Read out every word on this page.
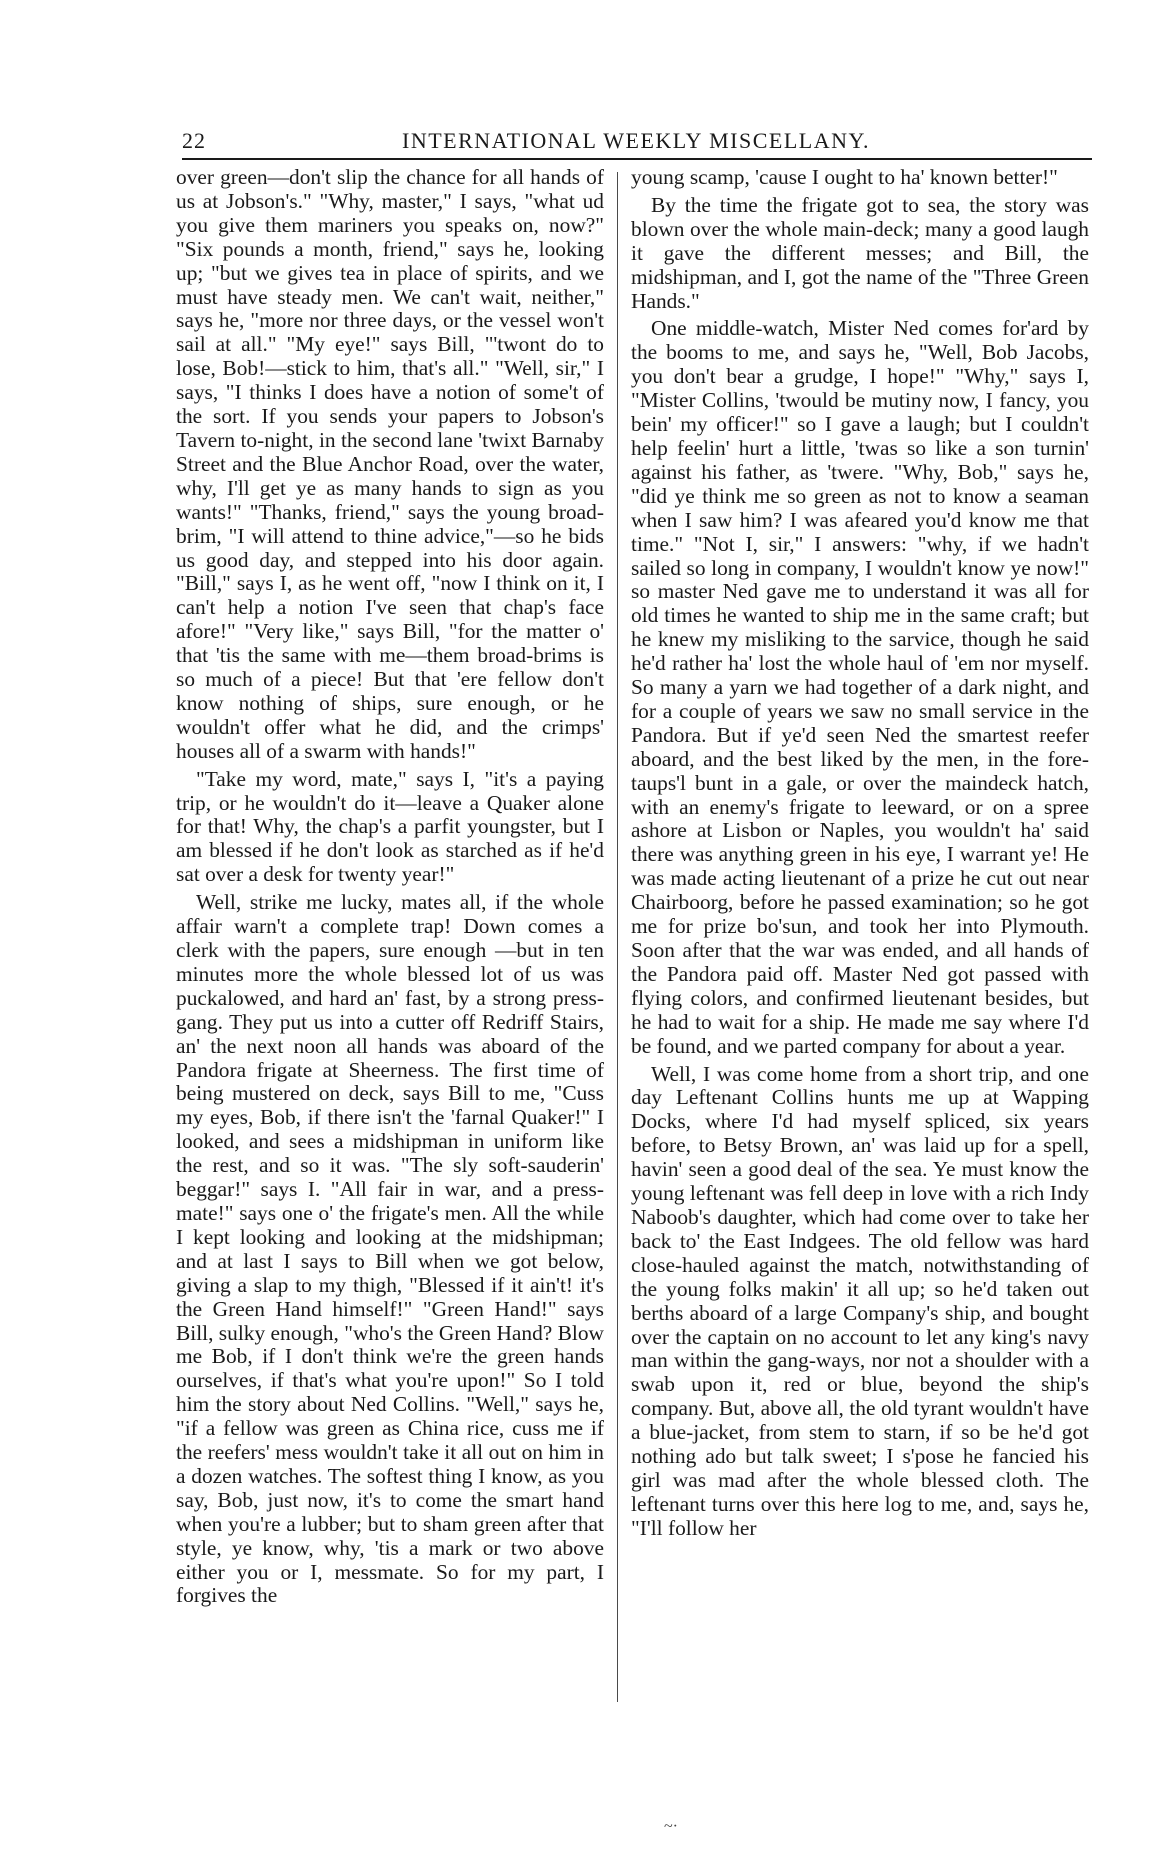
22	INTERNATIONAL WEEKLY MISCELLANY.

over green—don't slip the chance for all hands of us at Jobson's." "Why, master," I says, "what ud you give them mariners you speaks on, now?" "Six pounds a month, friend," says he, looking up; "but we gives tea in place of spirits, and we must have steady men. We can't wait, neither," says he, "more nor three days, or the vessel won't sail at all." "My eye!" says Bill, "'twont do to lose, Bob!—stick to him, that's all." "Well, sir," I says, "I thinks I does have a notion of some't of the sort. If you sends your papers to Jobson's Tavern to-night, in the second lane 'twixt Barnaby Street and the Blue Anchor Road, over the water, why, I'll get ye as many hands to sign as you wants!" "Thanks, friend," says the young broad-brim, "I will attend to thine advice,"—so he bids us good day, and stepped into his door again. "Bill," says I, as he went off, "now I think on it, I can't help a notion I've seen that chap's face afore!" "Very like," says Bill, "for the matter o' that 'tis the same with me—them broad-brims is so much of a piece! But that 'ere fellow don't know nothing of ships, sure enough, or he wouldn't offer what he did, and the crimps' houses all of a swarm with hands!"

"Take my word, mate," says I, "it's a paying trip, or he wouldn't do it—leave a Quaker alone for that! Why, the chap's a parfit youngster, but I am blessed if he don't look as starched as if he'd sat over a desk for twenty year!"

Well, strike me lucky, mates all, if the whole affair warn't a complete trap! Down comes a clerk with the papers, sure enough —but in ten minutes more the whole blessed lot of us was puckalowed, and hard an' fast, by a strong press-gang. They put us into a cutter off Redriff Stairs, an' the next noon all hands was aboard of the Pandora frigate at Sheerness. The first time of being mustered on deck, says Bill to me, "Cuss my eyes, Bob, if there isn't the 'farnal Quaker!" I looked, and sees a midshipman in uniform like the rest, and so it was. "The sly soft-sauderin' beggar!" says I. "All fair in war, and a press-mate!" says one o' the frigate's men. All the while I kept looking and looking at the midshipman; and at last I says to Bill when we got below, giving a slap to my thigh, "Blessed if it ain't! it's the Green Hand himself!" "Green Hand!" says Bill, sulky enough, "who's the Green Hand? Blow me Bob, if I don't think we're the green hands ourselves, if that's what you're upon!" So I told him the story about Ned Collins. "Well," says he, "if a fellow was green as China rice, cuss me if the reefers' mess wouldn't take it all out on him in a dozen watches. The softest thing I know, as you say, Bob, just now, it's to come the smart hand when you're a lubber; but to sham green after that style, ye know, why, 'tis a mark or two above either you or I, messmate. So for my part, I forgives the

young scamp, 'cause I ought to ha' known better!"

By the time the frigate got to sea, the story was blown over the whole main-deck; many a good laugh it gave the different messes; and Bill, the midshipman, and I, got the name of the "Three Green Hands."

One middle-watch, Mister Ned comes for'ard by the booms to me, and says he, "Well, Bob Jacobs, you don't bear a grudge, I hope!" "Why," says I, "Mister Collins, 'twould be mutiny now, I fancy, you bein' my officer!" so I gave a laugh; but I couldn't help feelin' hurt a little, 'twas so like a son turnin' against his father, as 'twere. "Why, Bob," says he, "did ye think me so green as not to know a seaman when I saw him? I was afeared you'd know me that time." "Not I, sir," I answers: "why, if we hadn't sailed so long in company, I wouldn't know ye now!" so master Ned gave me to understand it was all for old times he wanted to ship me in the same craft; but he knew my misliking to the sarvice, though he said he'd rather ha' lost the whole haul of 'em nor myself. So many a yarn we had together of a dark night, and for a couple of years we saw no small service in the Pandora. But if ye'd seen Ned the smartest reefer aboard, and the best liked by the men, in the fore-taups'l bunt in a gale, or over the maindeck hatch, with an enemy's frigate to leeward, or on a spree ashore at Lisbon or Naples, you wouldn't ha' said there was anything green in his eye, I warrant ye! He was made acting lieutenant of a prize he cut out near Chairboorg, before he passed examination; so he got me for prize bo'sun, and took her into Plymouth. Soon after that the war was ended, and all hands of the Pandora paid off. Master Ned got passed with flying colors, and confirmed lieutenant besides, but he had to wait for a ship. He made me say where I'd be found, and we parted company for about a year.

Well, I was come home from a short trip, and one day Leftenant Collins hunts me up at Wapping Docks, where I'd had myself spliced, six years before, to Betsy Brown, an' was laid up for a spell, havin' seen a good deal of the sea. Ye must know the young leftenant was fell deep in love with a rich Indy Naboob's daughter, which had come over to take her back to' the East Indgees. The old fellow was hard close-hauled against the match, notwithstanding of the young folks makin' it all up; so he'd taken out berths aboard of a large Company's ship, and bought over the captain on no account to let any king's navy man within the gang-ways, nor not a shoulder with a swab upon it, red or blue, beyond the ship's company. But, above all, the old tyrant wouldn't have a blue-jacket, from stem to starn, if so be he'd got nothing ado but talk sweet; I s'pose he fancied his girl was mad after the whole blessed cloth. The leftenant turns over this here log to me, and, says he, "I'll follow her

~·
